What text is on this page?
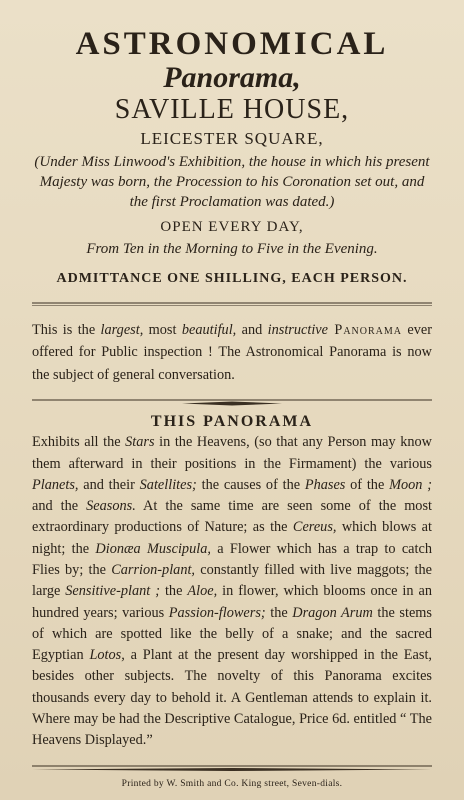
ASTRONOMICAL
Panorama,
SAVILLE HOUSE,
LEICESTER SQUARE,
(Under Miss Linwood's Exhibition, the house in which his present Majesty was born, the Procession to his Coronation set out, and the first Proclamation was dated.)
OPEN EVERY DAY,
From Ten in the Morning to Five in the Evening.
ADMITTANCE ONE SHILLING, EACH PERSON.
This is the largest, most beautiful, and instructive Panorama ever offered for Public inspection ! The Astronomical Panorama is now the subject of general conversation.
THIS PANORAMA
Exhibits all the Stars in the Heavens, (so that any Person may know them afterward in their positions in the Firmament) the various Planets, and their Satellites; the causes of the Phases of the Moon ; and the Seasons. At the same time are seen some of the most extraordinary productions of Nature; as the Cereus, which blows at night; the Dionæa Muscipula, a Flower which has a trap to catch Flies by; the Carrion-plant, constantly filled with live maggots; the large Sensitive-plant ; the Aloe, in flower, which blooms once in an hundred years; various Passion-flowers; the Dragon Arum the stems of which are spotted like the belly of a snake; and the sacred Egyptian Lotos, a Plant at the present day worshipped in the East, besides other subjects. The novelty of this Panorama excites thousands every day to behold it. A Gentleman attends to explain it. Where may be had the Descriptive Catalogue, Price 6d. entitled “ The Heavens Displayed.”
Printed by W. Smith and Co. King street, Seven-dials.
